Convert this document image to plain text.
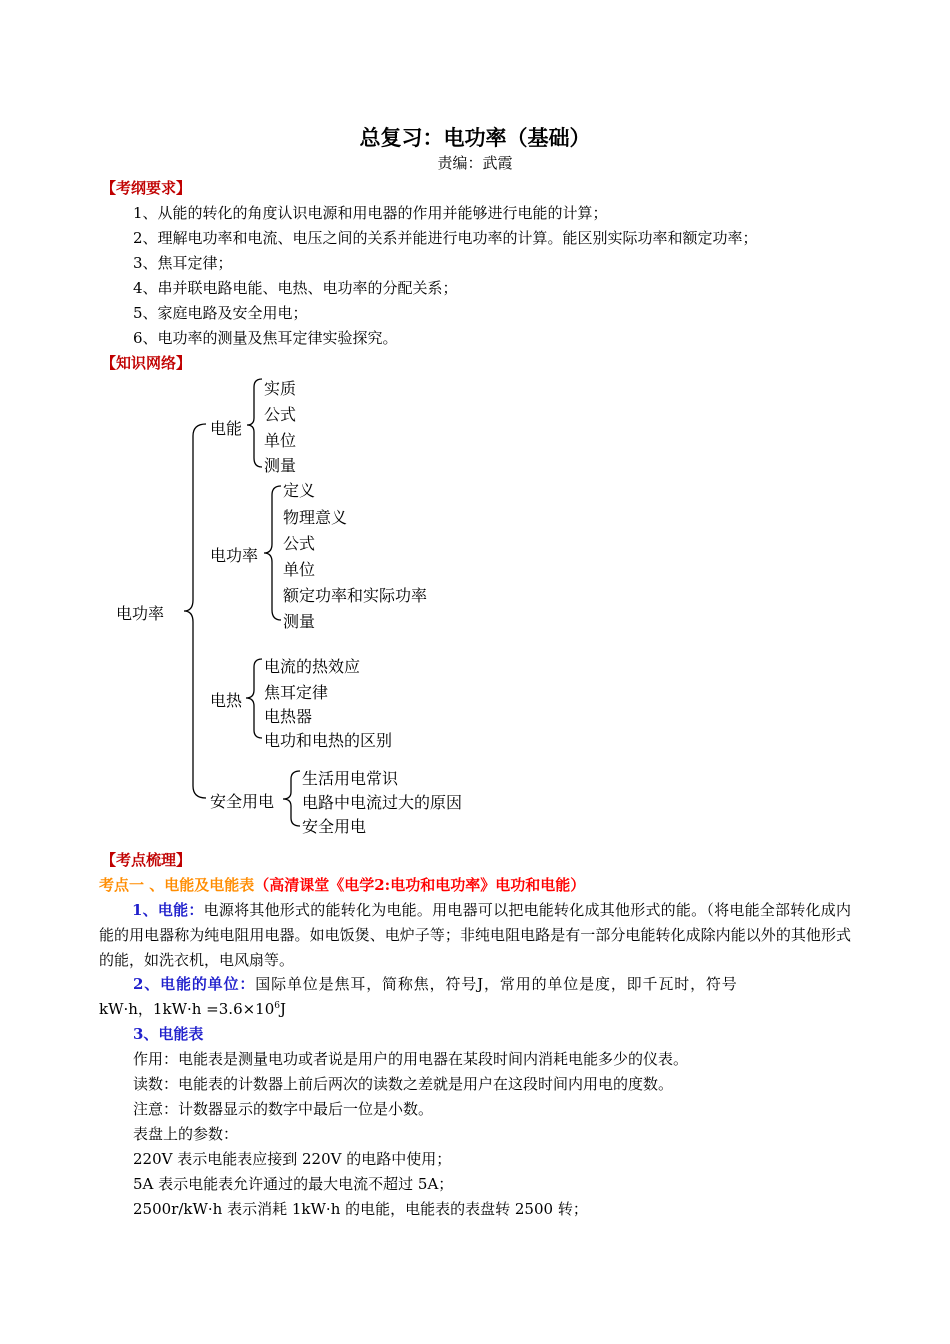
总复习：电功率（基础）
责编：武霞
【考纲要求】
1、从能的转化的角度认识电源和用电器的作用并能够进行电能的计算；
2、理解电功率和电流、电压之间的关系并能进行电功率的计算。能区别实际功率和额定功率；
3、焦耳定律；
4、串并联电路电能、电热、电功率的分配关系；
5、家庭电路及安全用电；
6、电功率的测量及焦耳定律实验探究。
【知识网络】
电功率
电能
实质
公式
单位
测量
电功率
定义
物理意义
公式
单位
额定功率和实际功率
测量
电热
电流的热效应
焦耳定律
电热器
电功和电热的区别
安全用电
生活用电常识
电路中电流过大的原因
安全用电
【考点梳理】
考点一 、电能及电能表（高清课堂《电学2:电功和电功率》电功和电能）
1、电能：电源将其他形式的能转化为电能。用电器可以把电能转化成其他形式的能。（将电能全部转化成内能的用电器称为纯电阻用电器。如电饭煲、电炉子等；非纯电阻电路是有一部分电能转化成除内能以外的其他形式的能，如洗衣机，电风扇等。
2、电能的单位：国际单位是焦耳，简称焦，符号J，常用的单位是度，即千瓦时，符号
kW·h，$1kW\cdot h =3.6\times 10^6J$
3、电能表
作用：电能表是测量电功或者说是用户的用电器在某段时间内消耗电能多少的仪表。
读数：电能表的计数器上前后两次的读数之差就是用户在这段时间内用电的度数。
注意：计数器显示的数字中最后一位是小数。
表盘上的参数：
220V 表示电能表应接到 220V 的电路中使用；
5A 表示电能表允许通过的最大电流不超过 5A；
2500r/kW·h 表示消耗 1kW·h 的电能，电能表的表盘转 2500 转；
